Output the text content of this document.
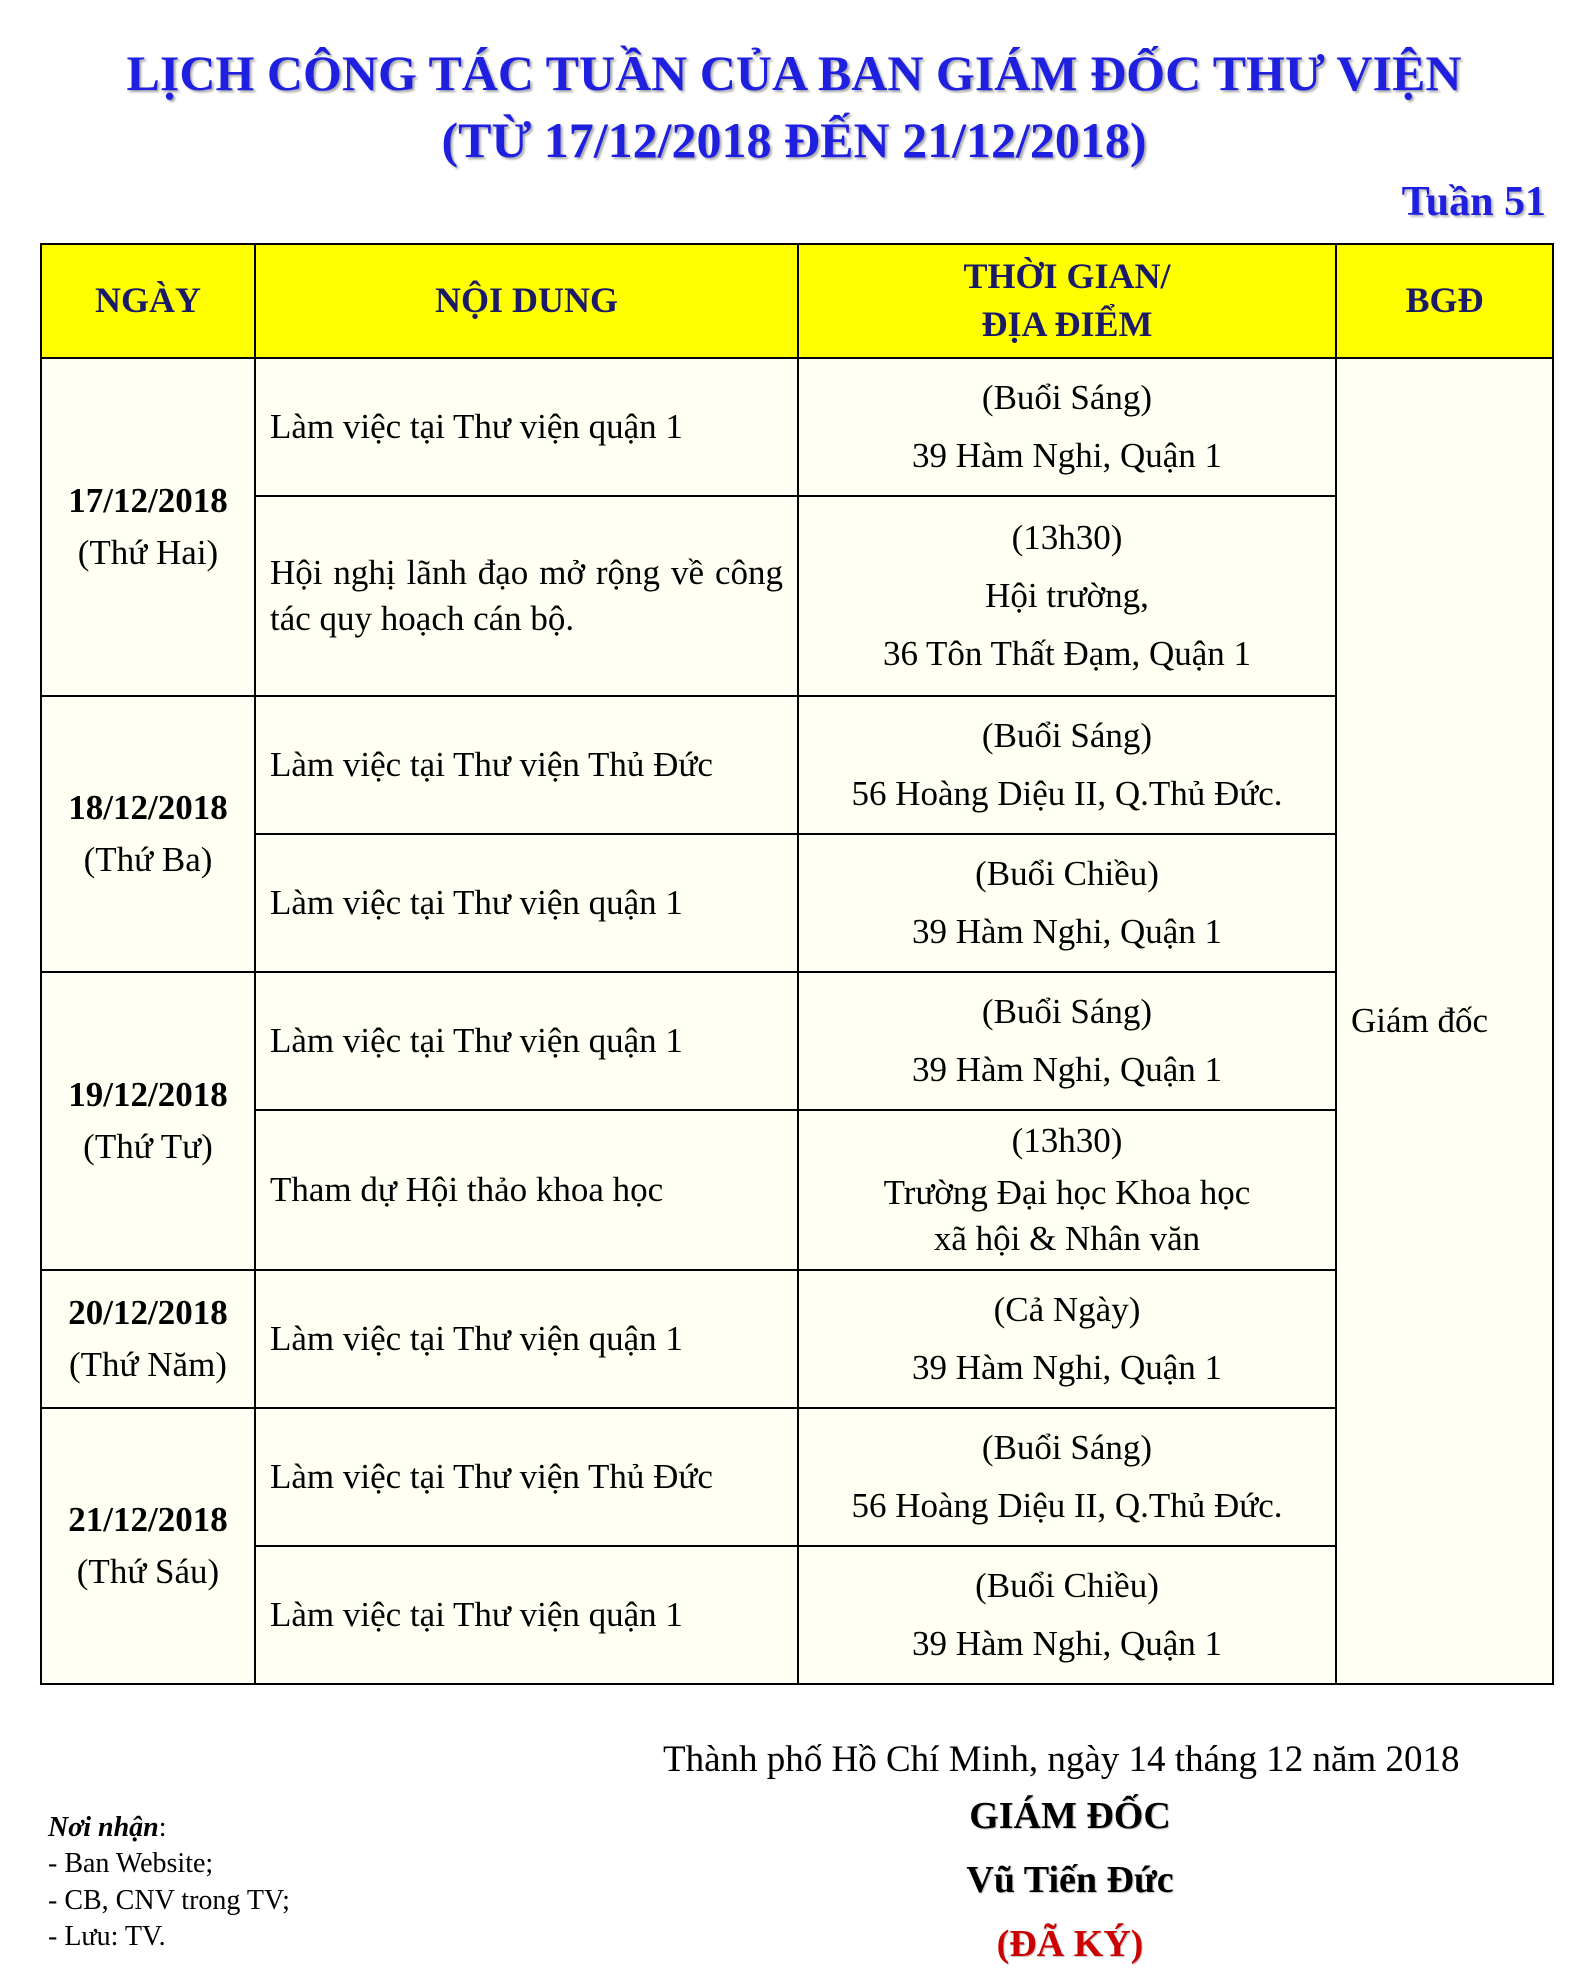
LỊCH CÔNG TÁC TUẦN CỦA BAN GIÁM ĐỐC THƯ VIỆN
(TỪ 17/12/2018 ĐẾN 21/12/2018)
Tuần 51
NGÀY	NỘI DUNG	THỜI GIAN/
ĐỊA ĐIỂM	BGĐ

17/12/2018
(Thứ Hai)	Làm việc tại Thư viện quận 1	(Buổi Sáng)
39 Hàm Nghi, Quận 1	Giám đốc
	Hội nghị lãnh đạo mở rộng về công tác quy hoạch cán bộ.	(13h30)
Hội trường,
36 Tôn Thất Đạm, Quận 1	

18/12/2018
(Thứ Ba)	Làm việc tại Thư viện Thủ Đức	(Buổi Sáng)
56 Hoàng Diệu II, Q.Thủ Đức.	

	Làm việc tại Thư viện quận 1	(Buổi Chiều)
39 Hàm Nghi, Quận 1	

19/12/2018
(Thứ Tư)	Làm việc tại Thư viện quận 1	(Buổi Sáng)
39 Hàm Nghi, Quận 1	

	Tham dự Hội thảo khoa học	(13h30)
Trường Đại học Khoa học
xã hội & Nhân văn	

20/12/2018
(Thứ Năm)	Làm việc tại Thư viện quận 1	(Cả Ngày)
39 Hàm Nghi, Quận 1	

21/12/2018
(Thứ Sáu)	Làm việc tại Thư viện Thủ Đức	(Buổi Sáng)
56 Hoàng Diệu II, Q.Thủ Đức.	

	Làm việc tại Thư viện quận 1	(Buổi Chiều)
39 Hàm Nghi, Quận 1	
Thành phố Hồ Chí Minh, ngày 14 tháng 12 năm 2018
Nơi nhận:
- Ban Website;
- CB, CNV trong TV;
- Lưu: TV.
GIÁM ĐỐC
Vũ Tiến Đức
(ĐÃ KÝ)
